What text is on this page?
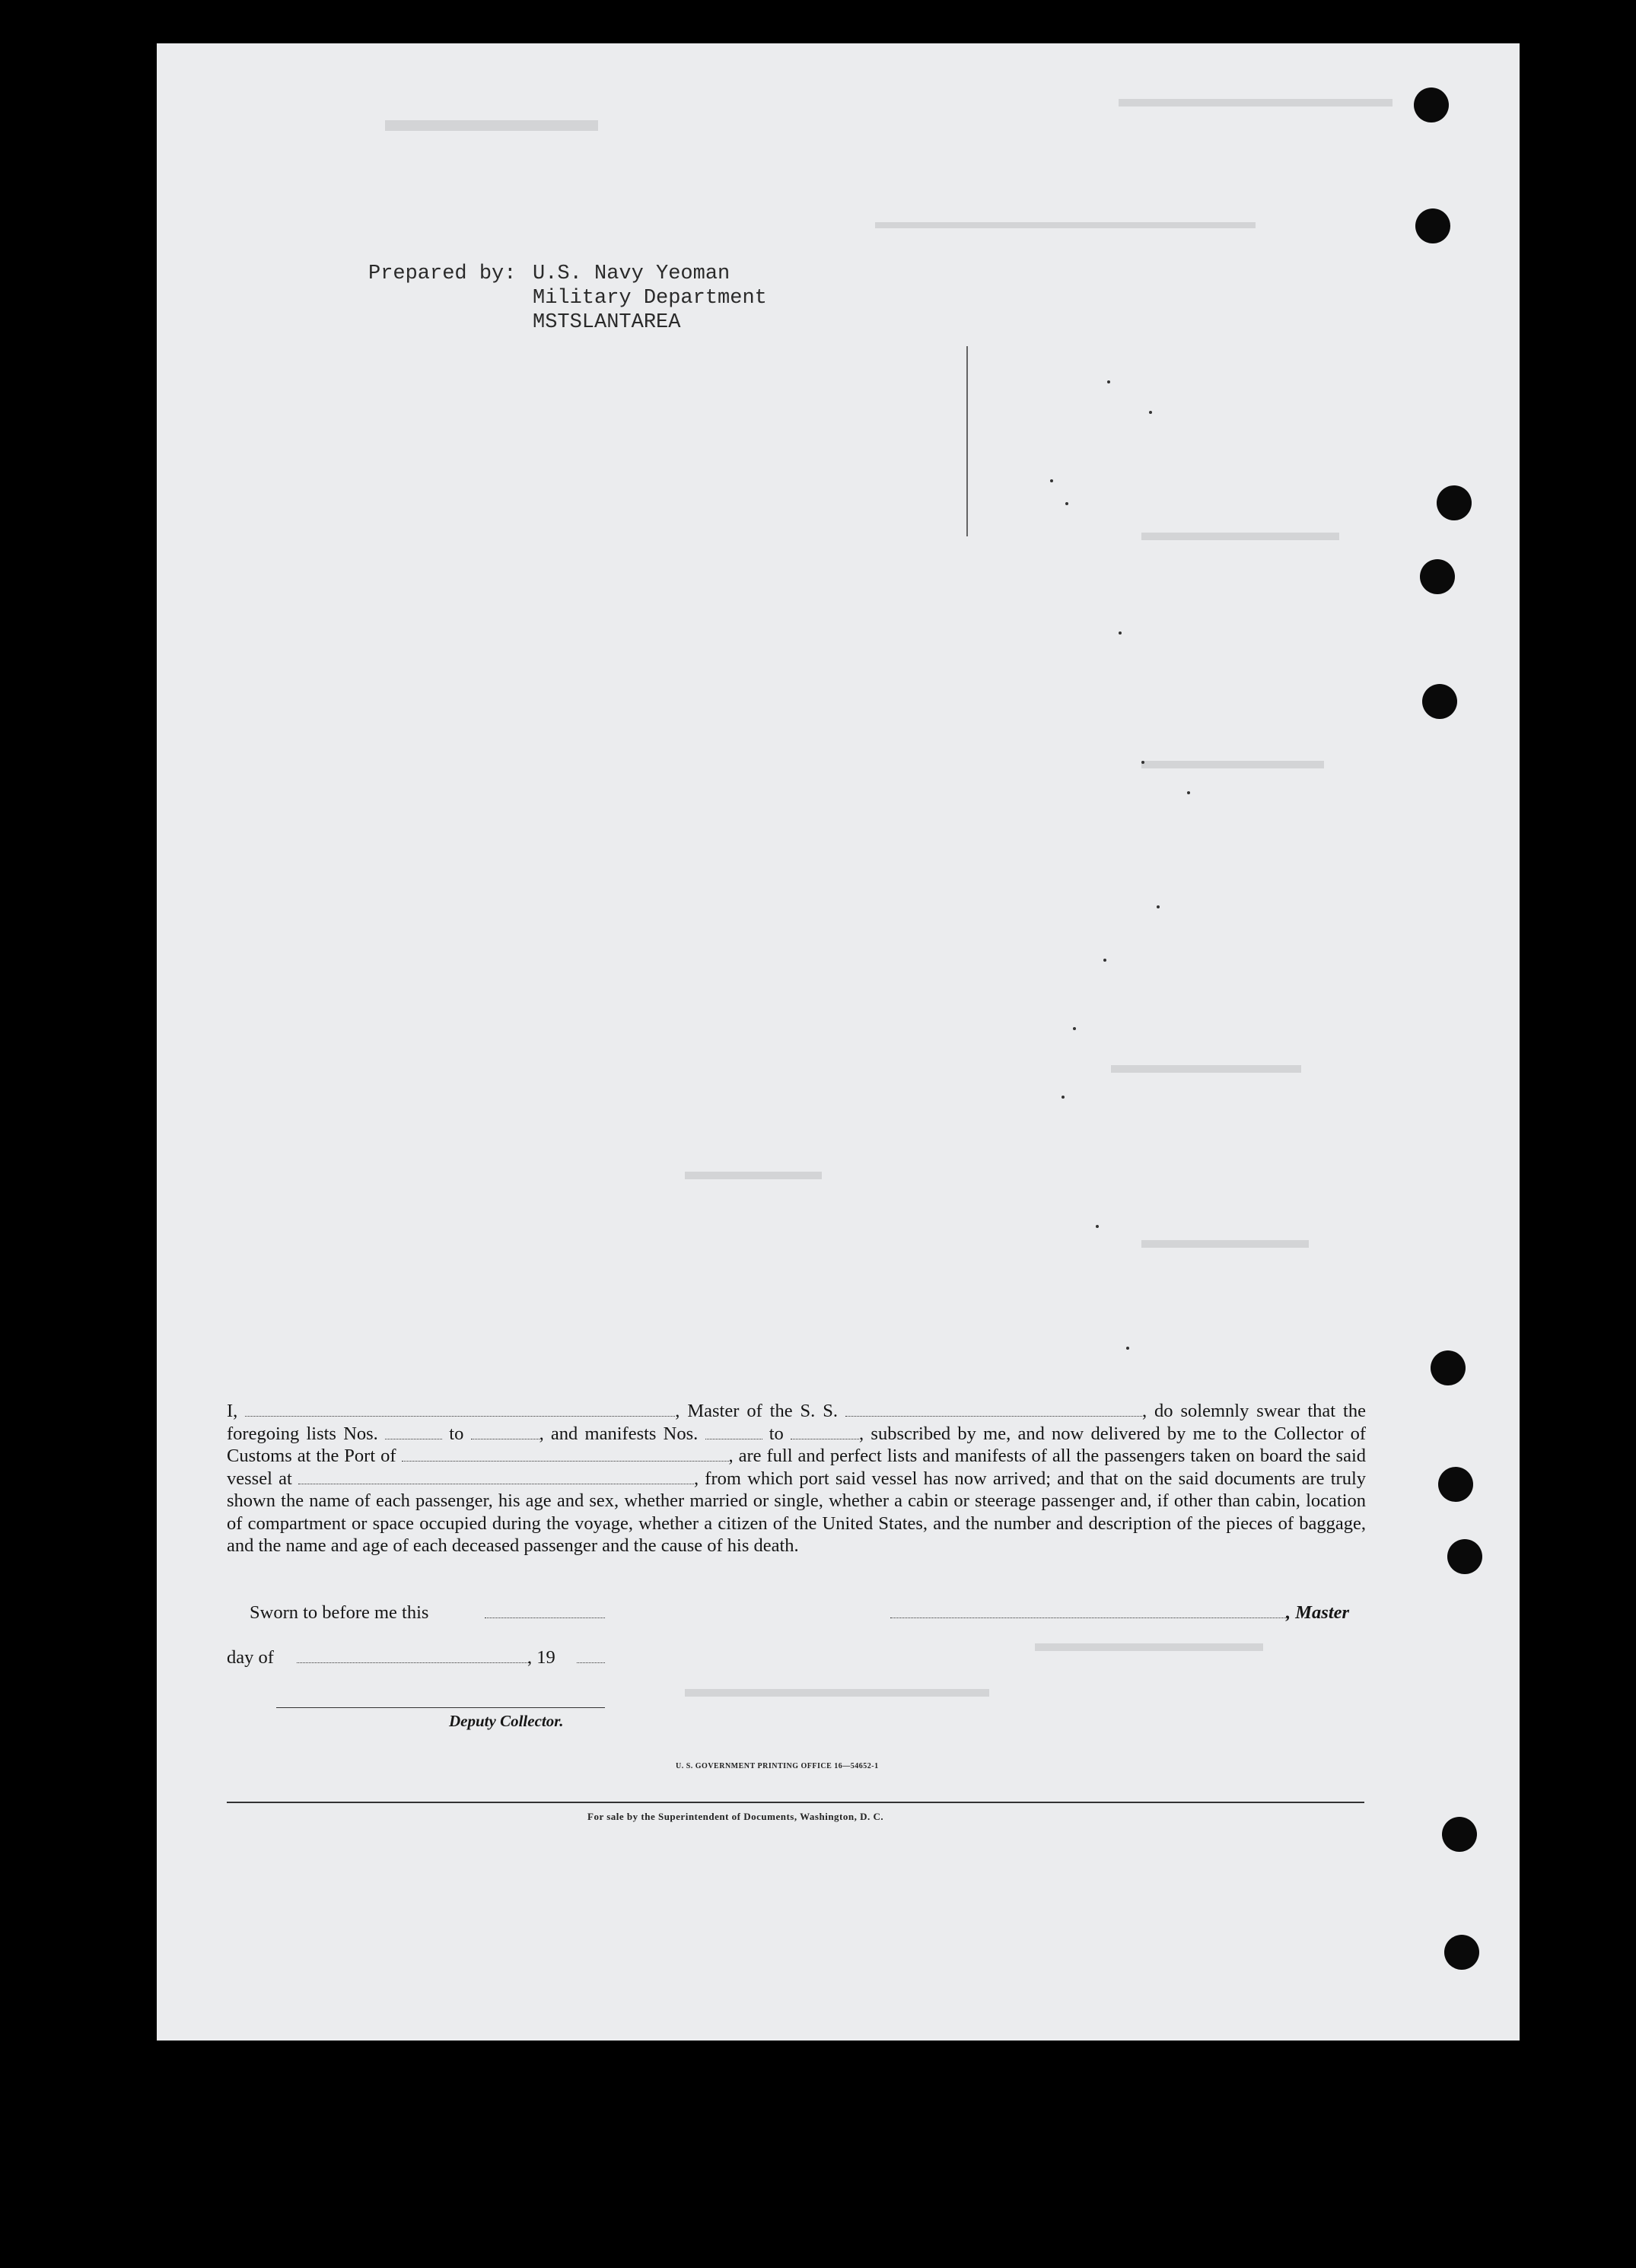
Prepared by: U.S. Navy Yeoman
Military Department
MSTSLANTAREA
I,	, Master of the S. S.	, do solemnly swear that the foregoing lists Nos.	to	, and manifests Nos.	to	, subscribed by me, and now delivered by me to the Collector of Customs at the Port of	, are full and perfect lists and manifests of all the passengers taken on board the said vessel at	, from which port said vessel has now arrived; and that on the said documents are truly shown the name of each passenger, his age and sex, whether married or single, whether a cabin or steerage passenger and, if other than cabin, location of compartment or space occupied during the voyage, whether a citizen of the United States, and the number and description of the pieces of baggage, and the name and age of each deceased passenger and the cause of his death.
Sworn to before me this	, Master
day of	, 19
Deputy Collector.
U. S. GOVERNMENT PRINTING OFFICE 16—54652-1
For sale by the Superintendent of Documents, Washington, D. C.
